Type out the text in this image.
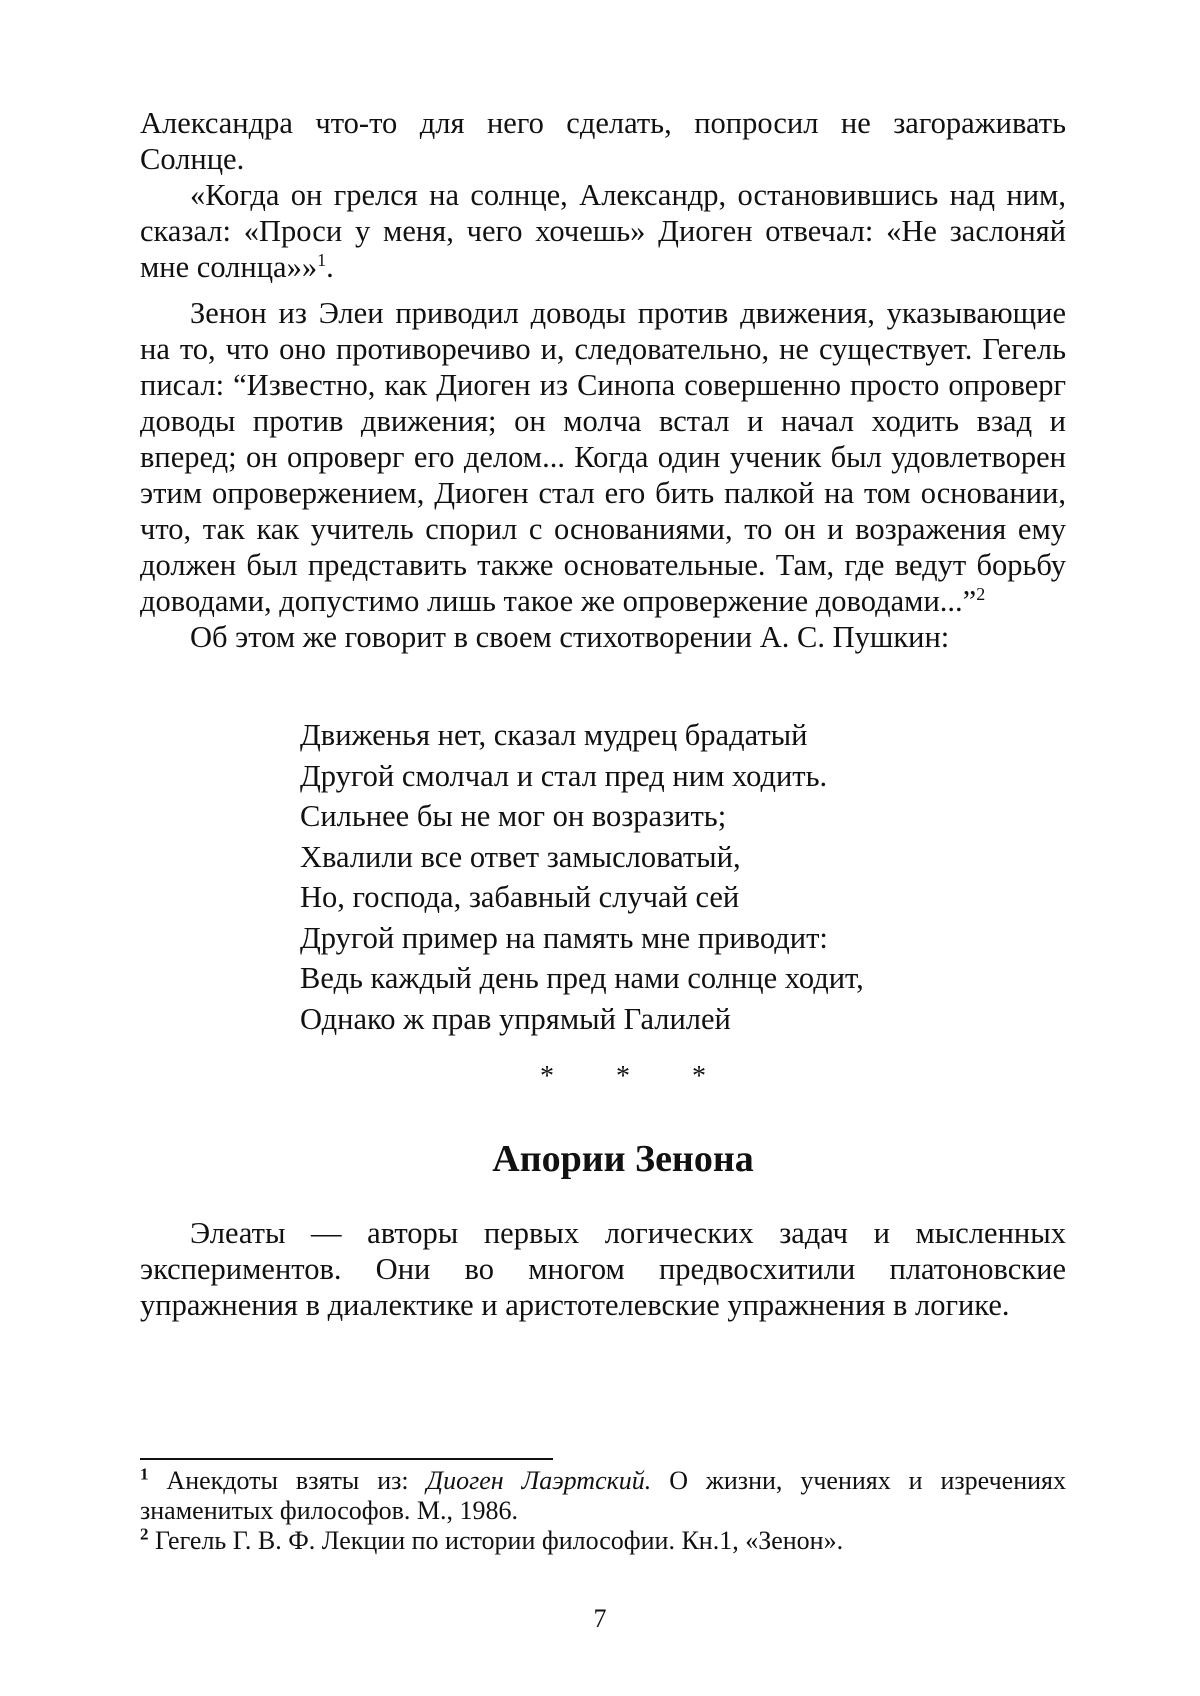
Александра что-то для него сделать, попросил не загораживать Солнце.

«Когда он грелся на солнце, Александр, остановившись над ним, сказал: «Проси у меня, чего хочешь» Диоген отвечал: «Не заслоняй мне солнца»»$^1$.

Зенон из Элеи приводил доводы против движения, указывающие на то, что оно противоречиво и, следовательно, не существует. Гегель писал: “Известно, как Диоген из Синопа совершенно просто опроверг доводы против движения; он молча встал и начал ходить взад и вперед; он опроверг его делом... Когда один ученик был удовлетворен этим опровержением, Диоген стал его бить палкой на том основании, что, так как учитель спорил с основаниями, то он и возражения ему должен был представить также основательные. Там, где ведут борьбу доводами, допустимо лишь такое же опровержение доводами...”$^2$

Об этом же говорит в своем стихотворении А. С. Пушкин:

Движенья нет, сказал мудрец брадатый
Другой смолчал и стал пред ним ходить.
Сильнее бы не мог он возразить;
Хвалили все ответ замысловатый,
Но, господа, забавный случай сей
Другой пример на память мне приводит:
Ведь каждый день пред нами солнце ходит,
Однако ж прав упрямый Галилей
* * *
Апории Зенона

Элеаты — авторы первых логических задач и мысленных экспериментов. Они во многом предвосхитили платоновские упражнения в диалектике и аристотелевские упражнения в логике.

$^1$ Анекдоты взяты из: Диоген Лаэртский. О жизни, учениях и изречениях знаменитых философов. М., 1986.

$^2$ Гегель Г. В. Ф. Лекции по истории философии. Кн.1, «Зенон».

7
